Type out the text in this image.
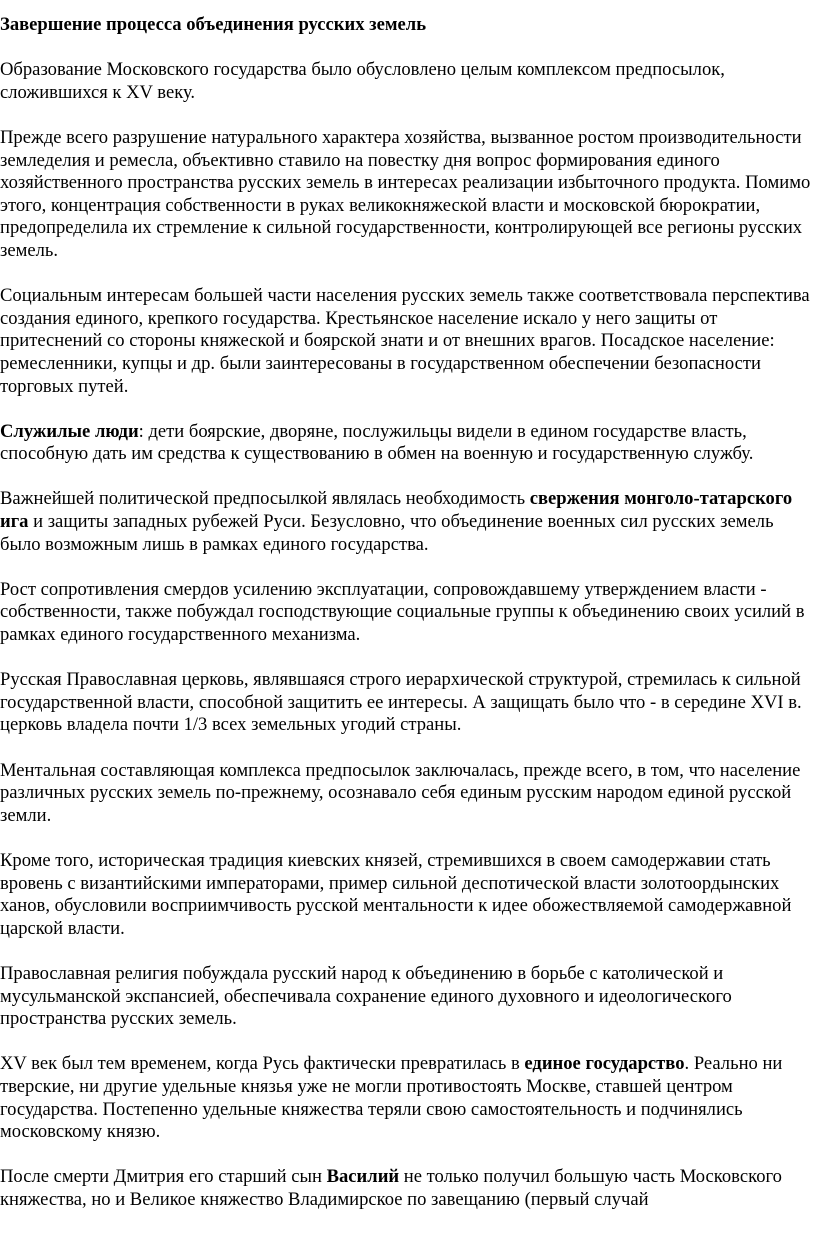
Завершение процесса объединения русских земель
Образование Московского государства было обусловлено целым комплексом предпосылок, сложившихся к XV веку.
Прежде всего разрушение натурального характера хозяйства, вызванное ростом производительности земледелия и ремесла, объективно ставило на повестку дня вопрос формирования единого хозяйственного пространства русских земель в интересах реализации избыточного продукта. Помимо этого, концентрация собственности в руках великокняжеской власти и московской бюрократии, предопределила их стремление к сильной государственности, контролирующей все регионы русских земель.
Социальным интересам большей части населения русских земель также соответствовала перспектива создания единого, крепкого государства. Крестьянское население искало у него защиты от притеснений со стороны княжеской и боярской знати и от внешних врагов. Посадское население: ремесленники, купцы и др. были заинтересованы в государственном обеспечении безопасности торговых путей.
Служилые люди: дети боярские, дворяне, послужильцы видели в едином государстве власть, способную дать им средства к существованию в обмен на военную и государственную службу.
Важнейшей политической предпосылкой являлась необходимость свержения монголо-татарского ига и защиты западных рубежей Руси. Безусловно, что объединение военных сил русских земель было возможным лишь в рамках единого государства.
Рост сопротивления смердов усилению эксплуатации, сопровождавшему утверждением власти - собственности, также побуждал господствующие социальные группы к объединению своих усилий в рамках единого государственного механизма.
Русская Православная церковь, являвшаяся строго иерархической структурой, стремилась к сильной государственной власти, способной защитить ее интересы. А защищать было что - в середине XVI в. церковь владела почти 1/3 всех земельных угодий страны.
Ментальная составляющая комплекса предпосылок заключалась, прежде всего, в том, что население различных русских земель по-прежнему, осознавало себя единым русским народом единой русской земли.
Кроме того, историческая традиция киевских князей, стремившихся в своем самодержавии стать вровень с византийскими императорами, пример сильной деспотической власти золотоордынских ханов, обусловили восприимчивость русской ментальности к идее обожествляемой самодержавной царской власти.
Православная религия побуждала русский народ к объединению в борьбе с католической и мусульманской экспансией, обеспечивала сохранение единого духовного и идеологического пространства русских земель.
XV век был тем временем, когда Русь фактически превратилась в единое государство. Реально ни тверские, ни другие удельные князья уже не могли противостоять Москве, ставшей центром государства. Постепенно удельные княжества теряли свою самостоятельность и подчинялись московскому князю.
После смерти Дмитрия его старший сын Василий не только получил большую часть Московского княжества, но и Великое княжество Владимирское по завещанию (первый случай
